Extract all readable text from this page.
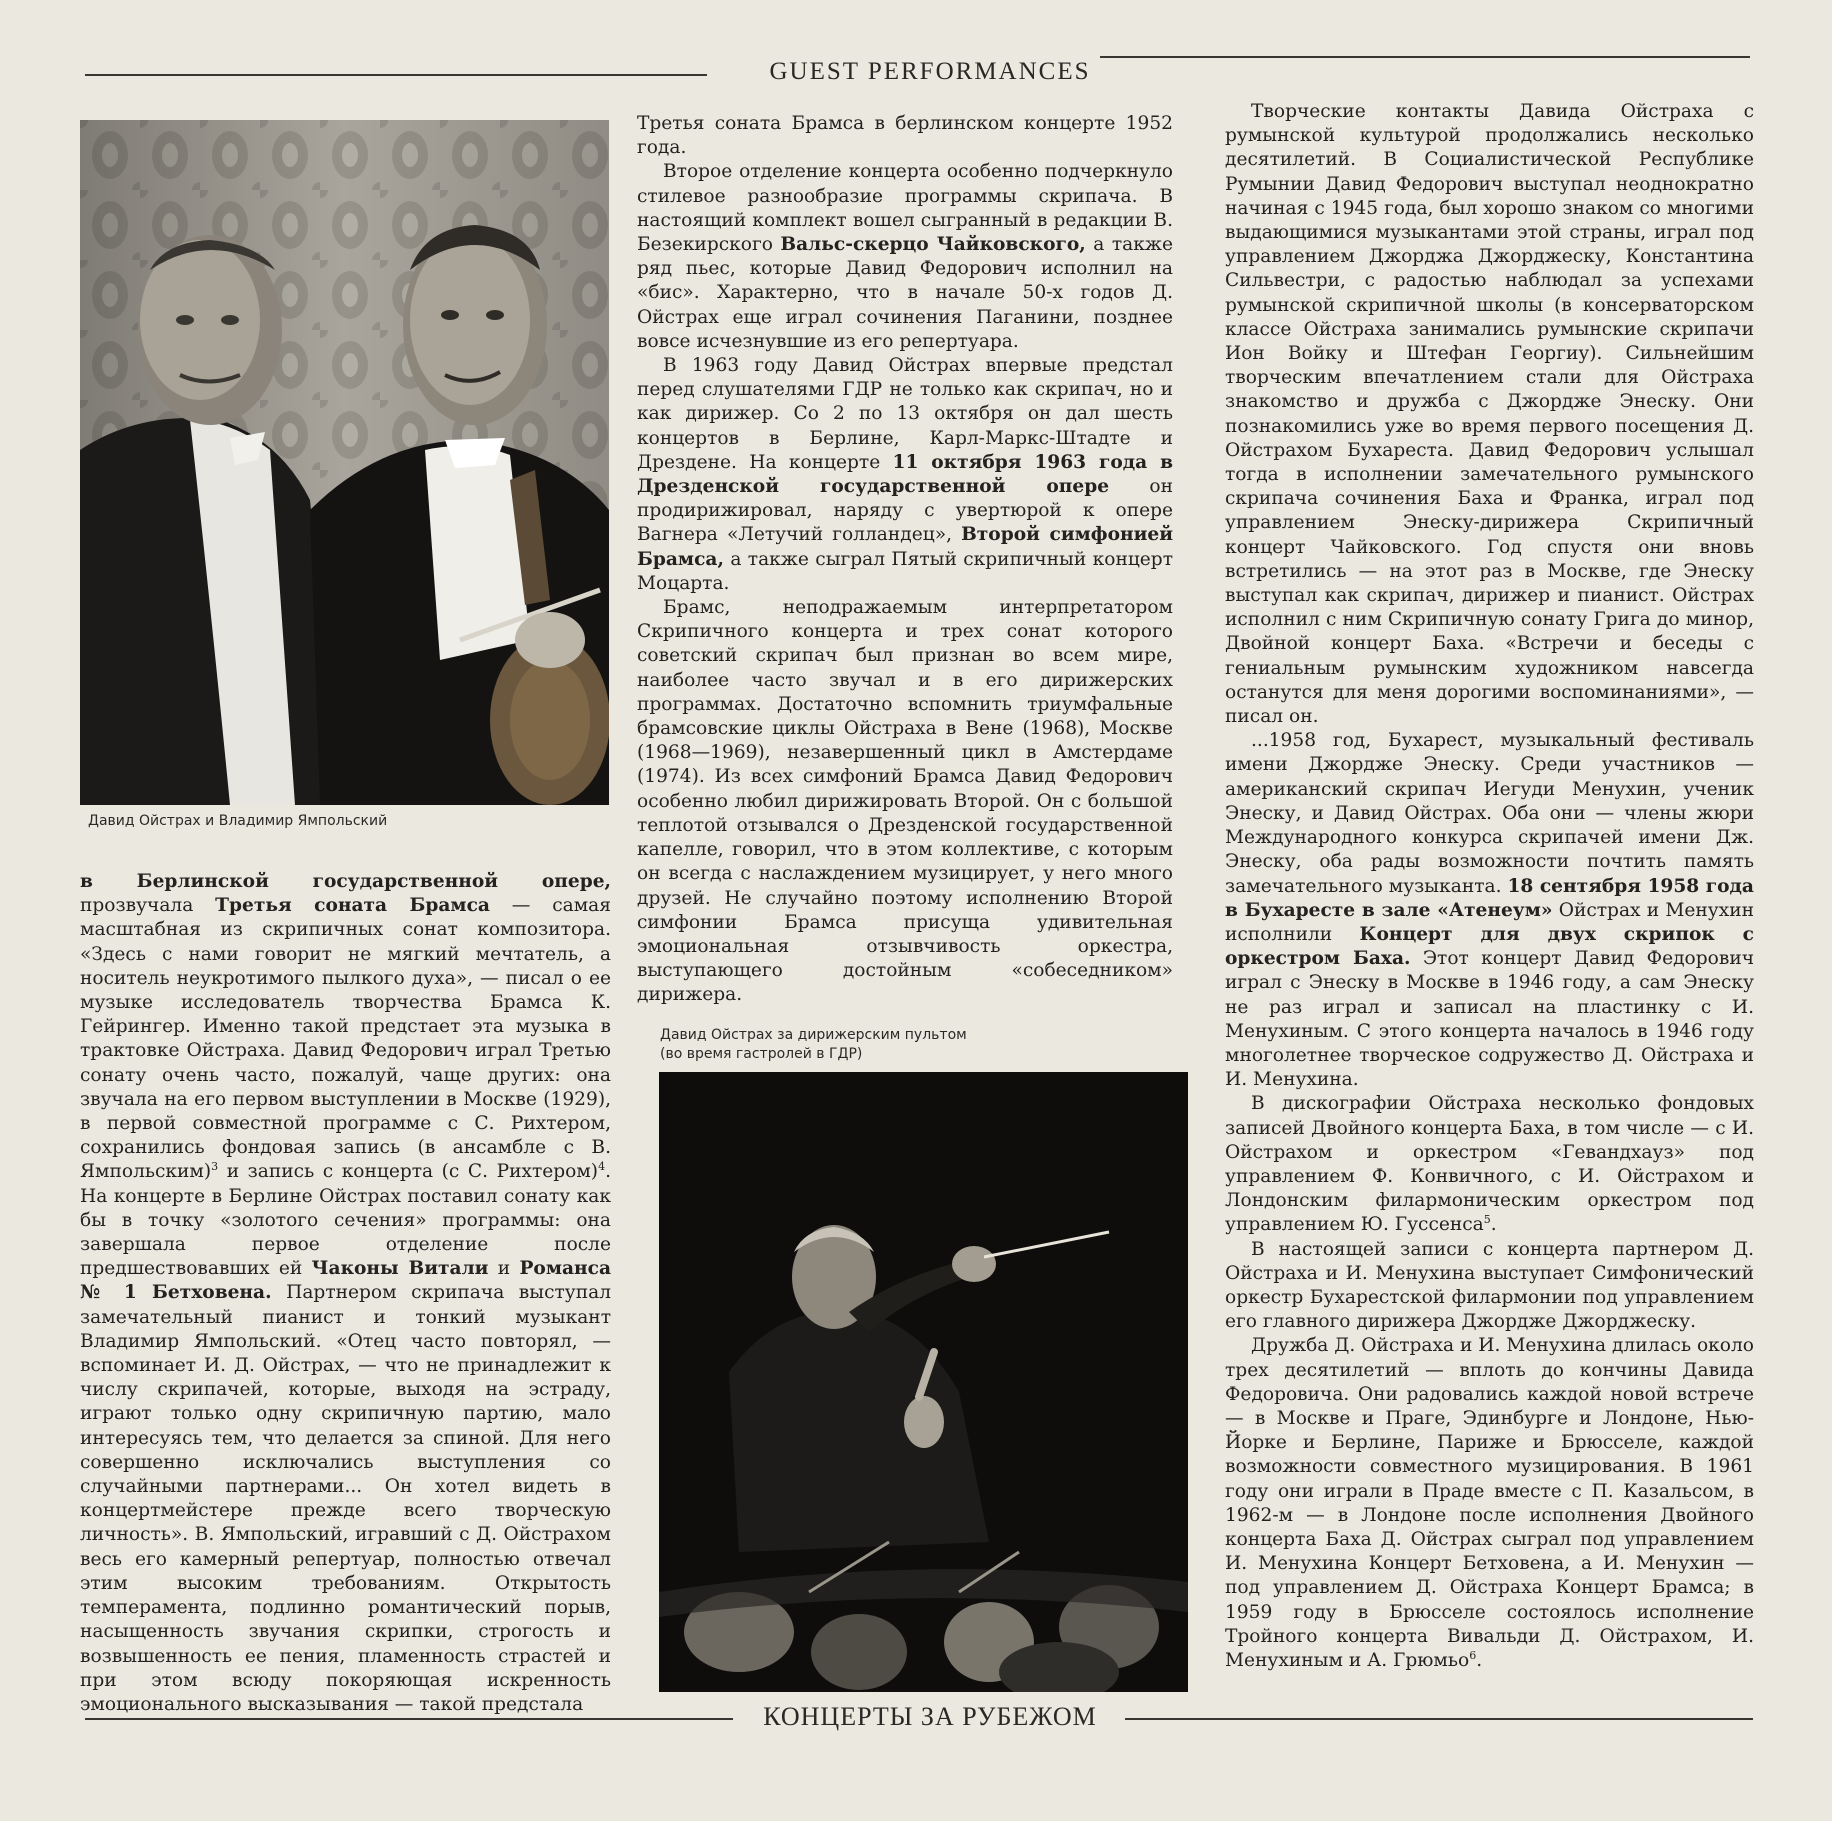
GUEST PERFORMANCES
Давид Ойстрах и Владимир Ямпольский
Давид Ойстрах за дирижерским пультом
(во время гастролей в ГДР)

в Берлинской государственной опере, прозвучала Третья соната Брамса — самая масштабная из скрипичных сонат композитора. «Здесь с нами говорит не мягкий мечтатель, а носитель неукротимого пылкого духа», — писал о ее музыке исследователь творчества Брамса К. Гейрингер. Именно такой предстает эта музыка в трактовке Ойстраха. Давид Федорович играл Третью сонату очень часто, пожалуй, чаще других: она звучала на его первом выступлении в Москве (1929), в первой совместной программе с С. Рихтером, сохранились фондовая запись (в ансамбле с В. Ямпольским)$^3$ и запись с концерта (с С. Рихтером)$^4$. На концерте в Берлине Ойстрах поставил сонату как бы в точку «золотого сечения» программы: она завершала первое отделение после предшествовавших ей Чаконы Витали и Романса № 1 Бетховена. Партнером скрипача выступал замечательный пианист и тонкий музыкант Владимир Ямпольский. «Отец часто повторял, — вспоминает И. Д. Ойстрах, — что не принадлежит к числу скрипачей, которые, выходя на эстраду, играют только одну скрипичную партию, мало интересуясь тем, что делается за спиной. Для него совершенно исключались выступления со случайными партнерами... Он хотел видеть в концертмейстере прежде всего творческую личность». В. Ямпольский, игравший с Д. Ойстрахом весь его камерный репертуар, полностью отвечал этим высоким требованиям. Открытость темперамента, подлинно романтический порыв, насыщенность звучания скрипки, строгость и возвышенность ее пения, пламенность страстей и при этом всюду покоряющая искренность эмоционального высказывания — такой предстала

Третья соната Брамса в берлинском концерте 1952 года.

Второе отделение концерта особенно подчеркнуло стилевое разнообразие программы скрипача. В настоящий комплект вошел сыгранный в редакции В. Безекирского Вальс-скерцо Чайковского, а также ряд пьес, которые Давид Федорович исполнил на «бис». Характерно, что в начале 50-х годов Д. Ойстрах еще играл сочинения Паганини, позднее вовсе исчезнувшие из его репертуара.

В 1963 году Давид Ойстрах впервые предстал перед слушателями ГДР не только как скрипач, но и как дирижер. Со 2 по 13 октября он дал шесть концертов в Берлине, Карл-Маркс-Штадте и Дрездене. На концерте 11 октября 1963 года в Дрезденской государственной опере он продирижировал, наряду с увертюрой к опере Вагнера «Летучий голландец», Второй симфонией Брамса, а также сыграл Пятый скрипичный концерт Моцарта.

Брамс, неподражаемым интерпретатором Скрипичного концерта и трех сонат которого советский скрипач был признан во всем мире, наиболее часто звучал и в его дирижерских программах. Достаточно вспомнить триумфальные брамсовские циклы Ойстраха в Вене (1968), Москве (1968—1969), незавершенный цикл в Амстердаме (1974). Из всех симфоний Брамса Давид Федорович особенно любил дирижировать Второй. Он с большой теплотой отзывался о Дрезденской государственной капелле, говорил, что в этом коллективе, с которым он всегда с наслаждением музицирует, у него много друзей. Не случайно поэтому исполнению Второй симфонии Брамса присуща удивительная эмоциональная отзывчивость оркестра, выступающего достойным «собеседником» дирижера.

Творческие контакты Давида Ойстраха с румынской культурой продолжались несколько десятилетий. В Социалистической Республике Румынии Давид Федорович выступал неоднократно начиная с 1945 года, был хорошо знаком со многими выдающимися музыкантами этой страны, играл под управлением Джорджа Джорджеску, Константина Сильвестри, с радостью наблюдал за успехами румынской скрипичной школы (в консерваторском классе Ойстраха занимались румынские скрипачи Ион Войку и Штефан Георгиу). Сильнейшим творческим впечатлением стали для Ойстраха знакомство и дружба с Джордже Энеску. Они познакомились уже во время первого посещения Д. Ойстрахом Бухареста. Давид Федорович услышал тогда в исполнении замечательного румынского скрипача сочинения Баха и Франка, играл под управлением Энеску-дирижера Скрипичный концерт Чайковского. Год спустя они вновь встретились — на этот раз в Москве, где Энеску выступал как скрипач, дирижер и пианист. Ойстрах исполнил с ним Скрипичную сонату Грига до минор, Двойной концерт Баха. «Встречи и беседы с гениальным румынским художником навсегда останутся для меня дорогими воспоминаниями», — писал он.

...1958 год, Бухарест, музыкальный фестиваль имени Джордже Энеску. Среди участников — американский скрипач Иегуди Менухин, ученик Энеску, и Давид Ойстрах. Оба они — члены жюри Международного конкурса скрипачей имени Дж. Энеску, оба рады возможности почтить память замечательного музыканта. 18 сентября 1958 года в Бухаресте в зале «Атенеум» Ойстрах и Менухин исполнили Концерт для двух скрипок с оркестром Баха. Этот концерт Давид Федорович играл с Энеску в Москве в 1946 году, а сам Энеску не раз играл и записал на пластинку с И. Менухиным. С этого концерта началось в 1946 году многолетнее творческое содружество Д. Ойстраха и И. Менухина.

В дискографии Ойстраха несколько фондовых записей Двойного концерта Баха, в том числе — с И. Ойстрахом и оркестром «Гевандхауз» под управлением Ф. Конвичного, с И. Ойстрахом и Лондонским филармоническим оркестром под управлением Ю. Гуссенса$^5$.

В настоящей записи с концерта партнером Д. Ойстраха и И. Менухина выступает Симфонический оркестр Бухарестской филармонии под управлением его главного дирижера Джордже Джорджеску.

Дружба Д. Ойстраха и И. Менухина длилась около трех десятилетий — вплоть до кончины Давида Федоровича. Они радовались каждой новой встрече — в Москве и Праге, Эдинбурге и Лондоне, Нью-Йорке и Берлине, Париже и Брюсселе, каждой возможности совместного музицирования. В 1961 году они играли в Праде вместе с П. Казальсом, в 1962-м — в Лондоне после исполнения Двойного концерта Баха Д. Ойстрах сыграл под управлением И. Менухина Концерт Бетховена, а И. Менухин — под управлением Д. Ойстраха Концерт Брамса; в 1959 году в Брюсселе состоялось исполнение Тройного концерта Вивальди Д. Ойстрахом, И. Менухиным и А. Грюмьо$^6$.

КОНЦЕРТЫ ЗА РУБЕЖОМ
